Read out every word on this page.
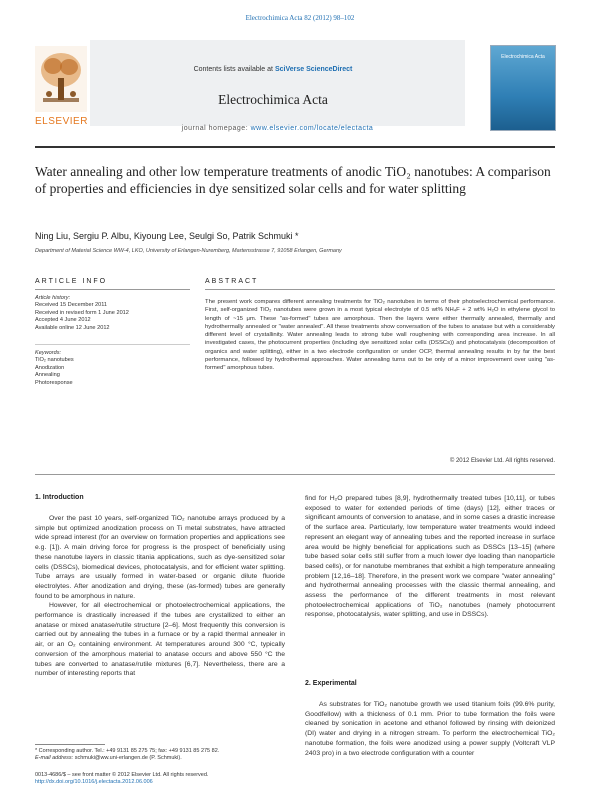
Electrochimica Acta 82 (2012) 98–102
ELSEVIER
Contents lists available at SciVerse ScienceDirect
Electrochimica Acta
journal homepage: www.elsevier.com/locate/electacta
Electrochimica Acta
Water annealing and other low temperature treatments of anodic TiO₂ nanotubes: A comparison of properties and efficiencies in dye sensitized solar cells and for water splitting
Ning Liu, Sergiu P. Albu, Kiyoung Lee, Seulgi So, Patrik Schmuki *
Department of Material Science WW-4, LKO, University of Erlangen-Nuremberg, Martensstrasse 7, 91058 Erlangen, Germany
ARTICLE INFO	ABSTRACT
Article history:
Received 15 December 2011
Received in revised form 1 June 2012
Accepted 4 June 2012
Available online 12 June 2012
Keywords:
TiO₂ nanotubes
Anodization
Annealing
Photoresponse
The present work compares different annealing treatments for TiO₂ nanotubes in terms of their photoelectrochemical performance. First, self-organized TiO₂ nanotubes were grown in a most typical electrolyte of 0.5 wt% NH₄F + 2 wt% H₂O in ethylene glycol to length of ~15 μm. These "as-formed" tubes are amorphous. Then the layers were either thermally annealed, thermally and hydrothermally annealed or "water annealed". All these treatments show conversation of the tubes to anatase but with a considerably different level of crystallinity. Water annealing leads to strong tube wall roughening with corresponding area increase. In all investigated cases, the photocurrent properties (including dye sensitized solar cells (DSSCs)) and photocatalysis (decomposition of organics and water splitting), either in a two electrode configuration or under OCP, thermal annealing results in by far the best performance, followed by hydrothermal approaches. Water annealing turns out to be only of a minor improvement over using "as-formed" amorphous tubes.
© 2012 Elsevier Ltd. All rights reserved.
1. Introduction

Over the past 10 years, self-organized TiO₂ nanotube arrays produced by a simple but optimized anodization process on Ti metal substrates, have attracted wide spread interest (for an overview on formation properties and applications see e.g. [1]). A main driving force for progress is the prospect of beneficially using these nanotube layers in classic titania applications, such as dye-sensitized solar cells (DSSCs), biomedical devices, photocatalysis, and for efficient water splitting. Tube arrays are usually formed in water-based or organic dilute fluoride electrolytes. After anodization and drying, these (as-formed) tubes are generally found to be amorphous in nature.

However, for all electrochemical or photoelectrochemical applications, the performance is drastically increased if the tubes are crystallized to either an anatase or mixed anatase/rutile structure [2–6]. Most frequently this conversion is carried out by annealing the tubes in a furnace or by a rapid thermal annealer in air, or an O₂ containing environment. At temperatures around 300 °C, typically conversion of the amorphous material to anatase occurs and above 550 °C the tubes are converted to anatase/rutile mixtures [6,7]. Nevertheless, there are a number of interesting reports that

find for H₂O prepared tubes [8,9], hydrothermally treated tubes [10,11], or tubes exposed to water for extended periods of time (days) [12], either traces or significant amounts of conversion to anatase, and in some cases a drastic increase of the surface area. Particularly, low temperature water treatments would indeed represent an elegant way of annealing tubes and the reported increase in surface area would be highly beneficial for applications such as DSSCs [13–15] (where tube based solar cells still suffer from a much lower dye loading than nanoparticle based cells), or for nanotube membranes that exhibit a high temperature annealing problem [12,16–18]. Therefore, in the present work we compare "water annealing" and hydrothermal annealing processes with the classic thermal annealing, and assess the performance of the different treatments in most relevant photoelectrochemical applications of TiO₂ nanotubes (namely photocurrent response, photocatalysis, water splitting, and use in DSSCs).

2. Experimental

As substrates for TiO₂ nanotube growth we used titanium foils (99.6% purity, Goodfellow) with a thickness of 0.1 mm. Prior to tube formation the foils were cleaned by sonication in acetone and ethanol followed by rinsing with deionized (DI) water and drying in a nitrogen stream. To perform the electrochemical TiO₂ nanotube formation, the foils were anodized using a power supply (Voltcraft VLP 2403 pro) in a two electrode configuration with a counter

* Corresponding author. Tel.: +49 9131 85 275 75; fax: +49 9131 85 275 82.
E-mail address: schmuki@ww.uni-erlangen.de (P. Schmuki).
0013-4686/$ – see front matter © 2012 Elsevier Ltd. All rights reserved.
http://dx.doi.org/10.1016/j.electacta.2012.06.006
